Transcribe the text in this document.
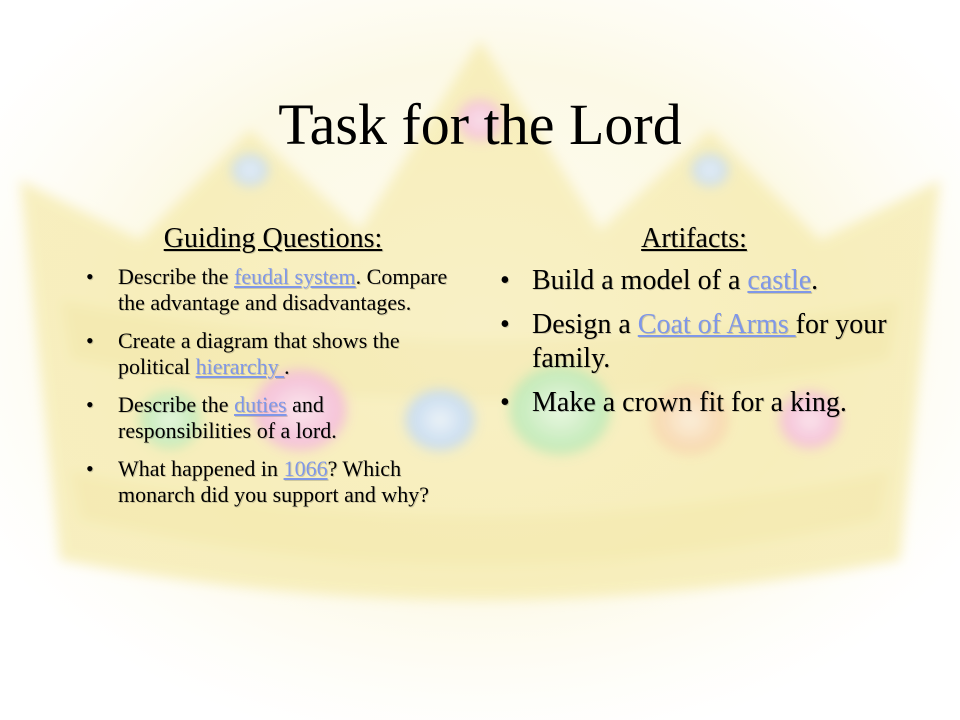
Task for the Lord
Guiding Questions:
• Describe the feudal system. Compare the advantage and disadvantages.
• Create a diagram that shows the political hierarchy .
• Describe the duties and responsibilities of a lord.
• What happened in 1066? Which monarch did you support and why?
Artifacts:
• Build a model of a castle.
• Design a Coat of Arms for your family.
• Make a crown fit for a king.
